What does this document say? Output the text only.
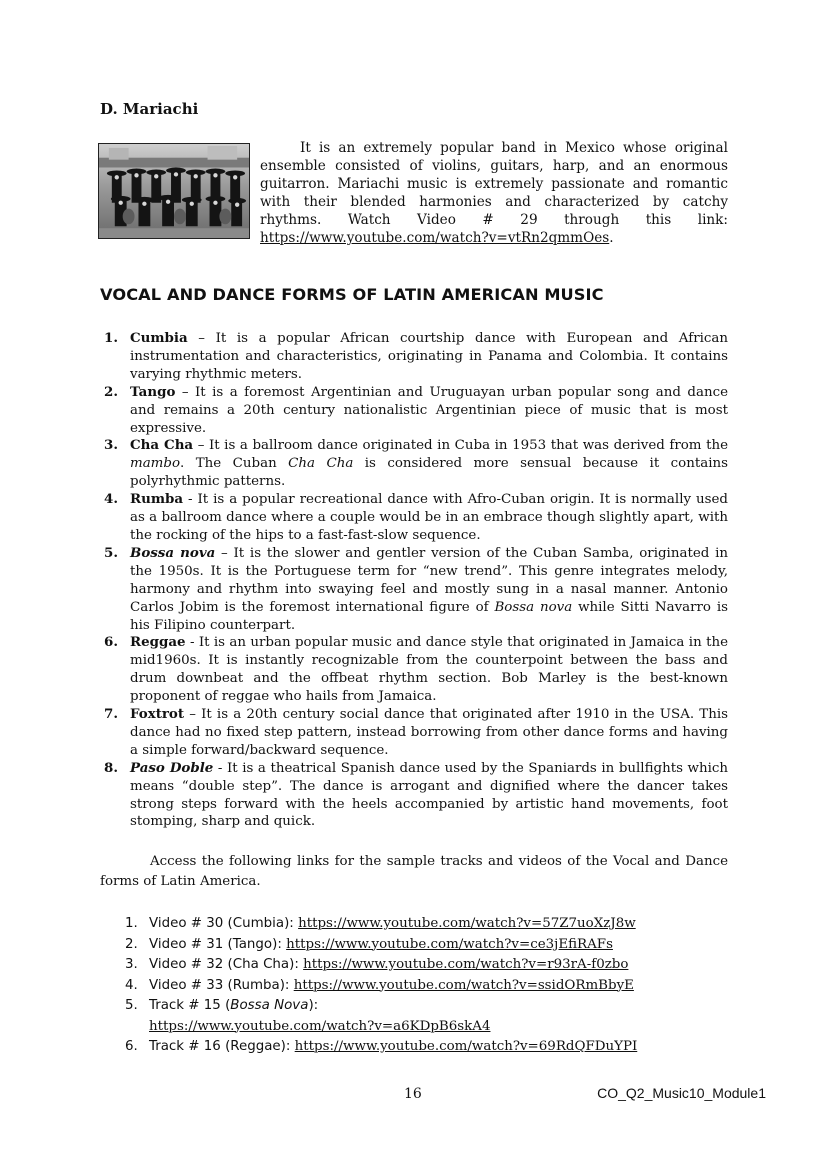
D. Mariachi
It is an extremely popular band in Mexico whose original ensemble consisted of violins, guitars, harp, and an enormous guitarron. Mariachi music is extremely passionate and romantic with their blended harmonies and characterized by catchy rhythms. Watch Video # 29 through this link: https://www.youtube.com/watch?v=vtRn2qmmOes.
VOCAL AND DANCE FORMS OF LATIN AMERICAN MUSIC
1. Cumbia – It is a popular African courtship dance with European and African instrumentation and characteristics, originating in Panama and Colombia. It contains varying rhythmic meters.
2. Tango – It is a foremost Argentinian and Uruguayan urban popular song and dance and remains a 20th century nationalistic Argentinian piece of music that is most expressive.
3. Cha Cha – It is a ballroom dance originated in Cuba in 1953 that was derived from the mambo. The Cuban Cha Cha is considered more sensual because it contains polyrhythmic patterns.
4. Rumba - It is a popular recreational dance with Afro-Cuban origin. It is normally used as a ballroom dance where a couple would be in an embrace though slightly apart, with the rocking of the hips to a fast-fast-slow sequence.
5. Bossa nova – It is the slower and gentler version of the Cuban Samba, originated in the 1950s. It is the Portuguese term for “new trend”. This genre integrates melody, harmony and rhythm into swaying feel and mostly sung in a nasal manner. Antonio Carlos Jobim is the foremost international figure of Bossa nova while Sitti Navarro is his Filipino counterpart.
6. Reggae - It is an urban popular music and dance style that originated in Jamaica in the mid1960s. It is instantly recognizable from the counterpoint between the bass and drum downbeat and the offbeat rhythm section. Bob Marley is the best-known proponent of reggae who hails from Jamaica.
7. Foxtrot – It is a 20th century social dance that originated after 1910 in the USA. This dance had no fixed step pattern, instead borrowing from other dance forms and having a simple forward/backward sequence.
8. Paso Doble - It is a theatrical Spanish dance used by the Spaniards in bullfights which means “double step”. The dance is arrogant and dignified where the dancer takes strong steps forward with the heels accompanied by artistic hand movements, foot stomping, sharp and quick.
Access the following links for the sample tracks and videos of the Vocal and Dance forms of Latin America.
1. Video # 30 (Cumbia): https://www.youtube.com/watch?v=57Z7uoXzJ8w
2. Video # 31 (Tango): https://www.youtube.com/watch?v=ce3jEfiRAFs
3. Video # 32 (Cha Cha): https://www.youtube.com/watch?v=r93rA-f0zbo
4. Video # 33 (Rumba): https://www.youtube.com/watch?v=ssidORmBbyE
5. Track # 15 (Bossa Nova):
https://www.youtube.com/watch?v=a6KDpB6skA4
6. Track # 16 (Reggae): https://www.youtube.com/watch?v=69RdQFDuYPI
16	CO_Q2_Music10_Module1
